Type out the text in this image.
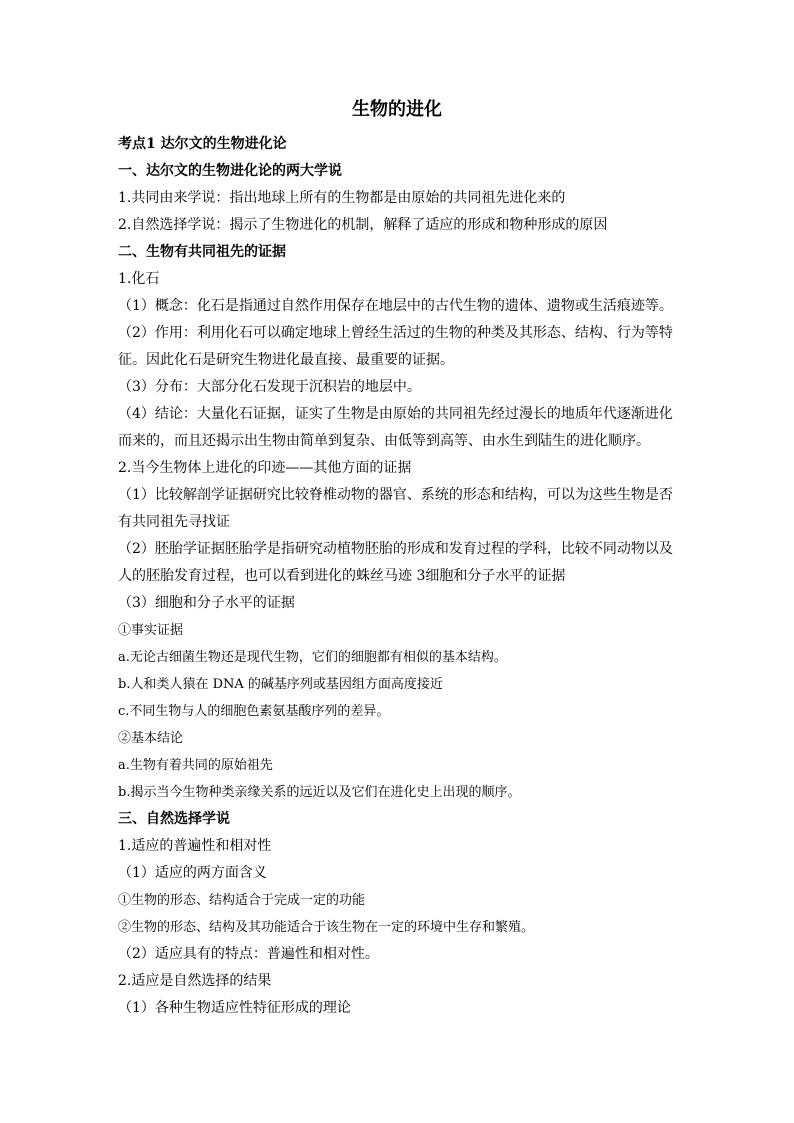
生物的进化
考点1 达尔文的生物进化论
一、达尔文的生物进化论的两大学说
1.共同由来学说：指出地球上所有的生物都是由原始的共同祖先进化来的
2.自然选择学说：揭示了生物进化的机制，解释了适应的形成和物种形成的原因
二、生物有共同祖先的证据
1.化石
（1）概念：化石是指通过自然作用保存在地层中的古代生物的遗体、遗物或生活痕迹等。
（2）作用：利用化石可以确定地球上曾经生活过的生物的种类及其形态、结构、行为等特
征。因此化石是研究生物进化最直接、最重要的证据。
（3）分布：大部分化石发现于沉积岩的地层中。
（4）结论：大量化石证据，证实了生物是由原始的共同祖先经过漫长的地质年代逐渐进化
而来的，而且还揭示出生物由简单到复杂、由低等到高等、由水生到陆生的进化顺序。
2.当今生物体上进化的印迹——其他方面的证据
（1）比较解剖学证据研究比较脊椎动物的器官、系统的形态和结构，可以为这些生物是否
有共同祖先寻找证
（2）胚胎学证据胚胎学是指研究动植物胚胎的形成和发育过程的学科，比较不同动物以及
人的胚胎发育过程，也可以看到进化的蛛丝马迹 3细胞和分子水平的证据
（3）细胞和分子水平的证据
①事实证据
a.无论古细菌生物还是现代生物，它们的细胞都有相似的基本结构。
b.人和类人猿在 DNA 的碱基序列或基因组方面高度接近
c.不同生物与人的细胞色素氨基酸序列的差异。
②基本结论
a.生物有着共同的原始祖先
b.揭示当今生物种类亲缘关系的远近以及它们在进化史上出现的顺序。
三、自然选择学说
1.适应的普遍性和相对性
（1）适应的两方面含义
①生物的形态、结构适合于完成一定的功能
②生物的形态、结构及其功能适合于该生物在一定的环境中生存和繁殖。
（2）适应具有的特点：普遍性和相对性。
2.适应是自然选择的结果
（1）各种生物适应性特征形成的理论
